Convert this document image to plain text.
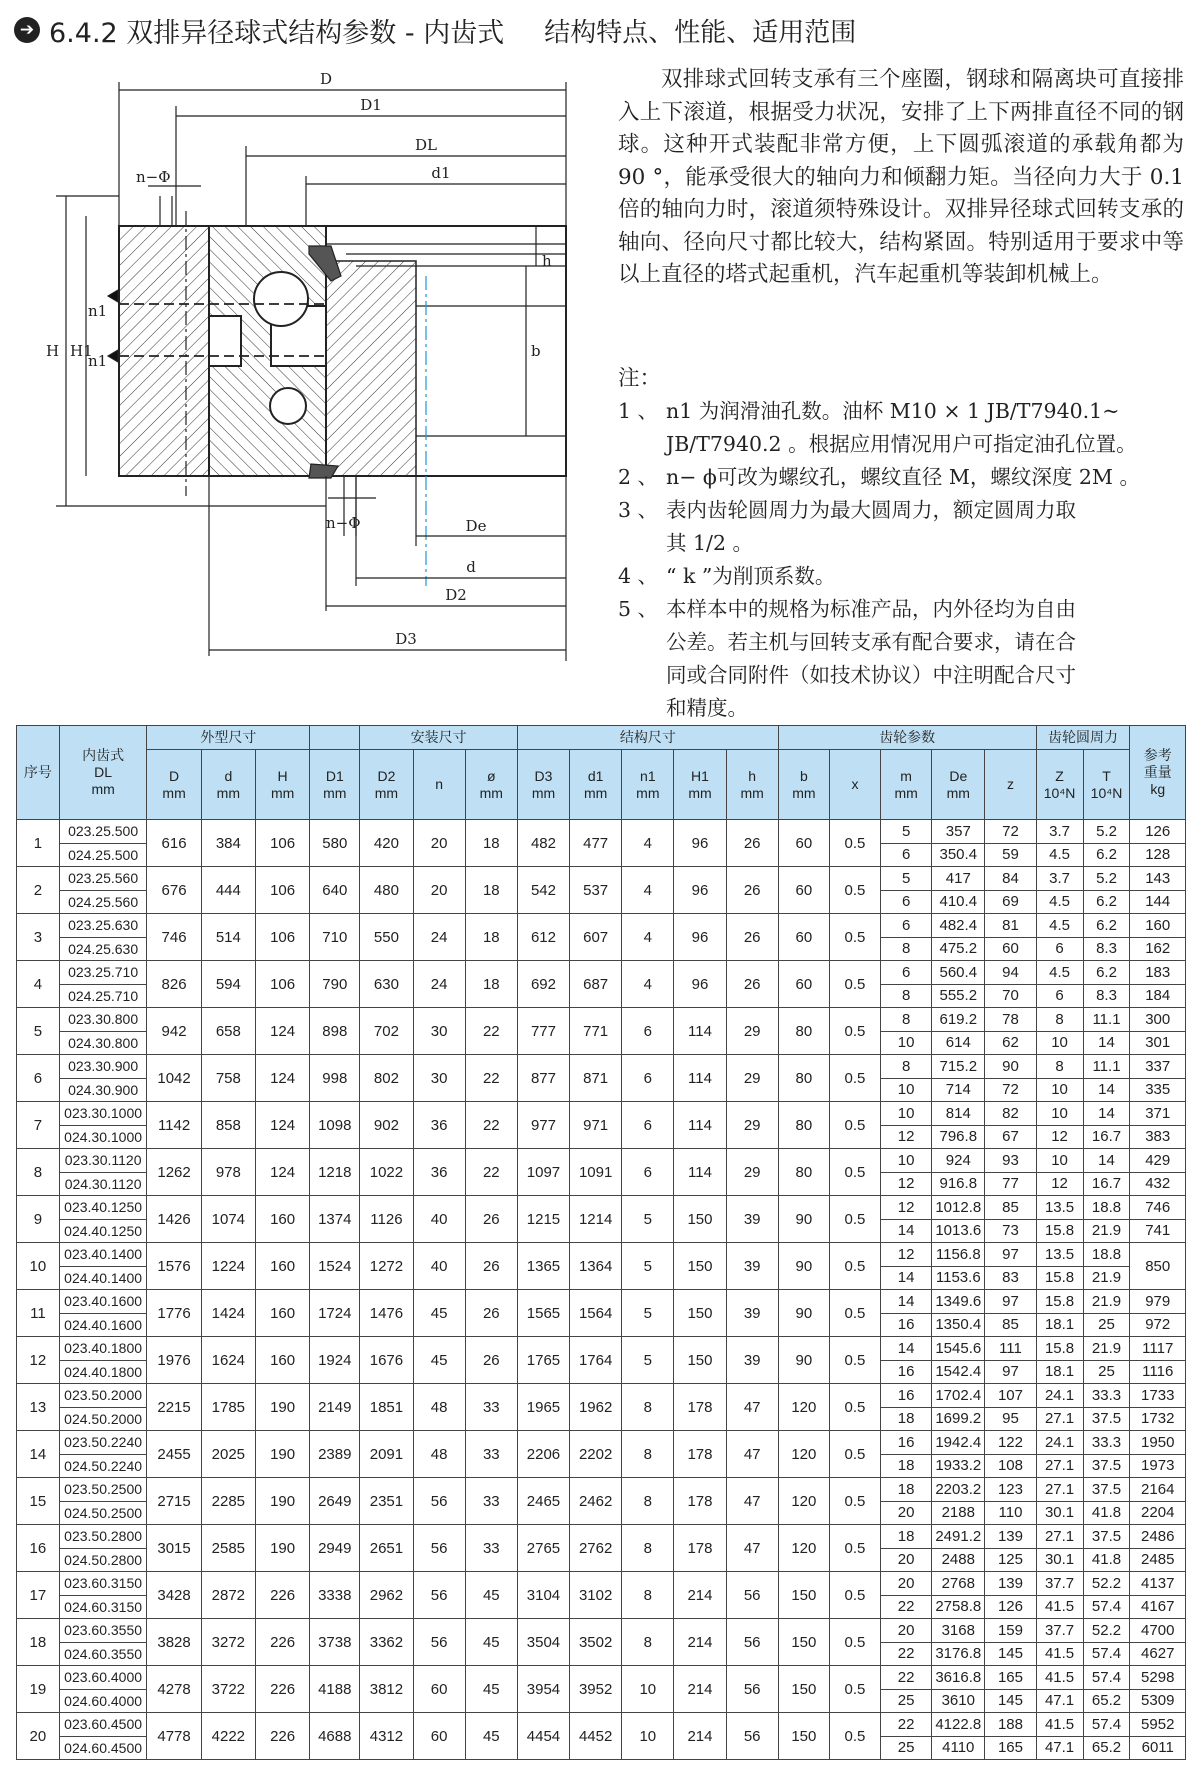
➔ 6.4.2 双排异径球式结构参数 - 内齿式 结构特点、性能、适用范围
D
D1
DL
d1
n−Φ
H H1
n1
n1
h
b
n−Φ	De
d
D2
D3

双排球式回转支承有三个座圈，钢球和隔离块可直接排入上下滚道，根据受力状况，安排了上下两排直径不同的钢球。这种开式装配非常方便，上下圆弧滚道的承载角都为 90 °，能承受很大的轴向力和倾翻力矩。当径向力大于 0.1 倍的轴向力时，滚道须特殊设计。双排异径球式回转支承的轴向、径向尺寸都比较大，结构紧固。特别适用于要求中等以上直径的塔式起重机，汽车起重机等装卸机械上。

注：
1 、 n1 为润滑油孔数。油杯 M10 × 1 JB/T7940.1~
JB/T7940.2 。根据应用情况用户可指定油孔位置。
2 、 n− ϕ可改为螺纹孔，螺纹直径 M，螺纹深度 2M 。
3 、 表内齿轮圆周力为最大圆周力，额定圆周力取
其 1/2 。
4 、 “ k ”为削顶系数。
5 、 本样本中的规格为标准产品，内外径均为自由
公差。若主机与回转支承有配合要求，请在合
同或合同附件（如技术协议）中注明配合尺寸
和精度。
序号	内齿式
DL
mm	外型尺寸				安装尺寸			结构尺寸					齿轮参数					齿轮圆周力		参考
重量
kg
		D
mm	d
mm	H
mm	D1
mm	D2
mm	n	ø
mm	D3
mm	d1
mm	n1
mm	H1
mm	h
mm	b
mm	x	m
mm	De
mm	z	Z
10⁴N	T
10⁴N	

1	023.25.500	616	384	106	580	420	20	18	482	477	4	96	26	60	0.5	5	357	72	3.7	5.2	126
	024.25.500															6	350.4	59	4.5	6.2	128
2	023.25.560	676	444	106	640	480	20	18	542	537	4	96	26	60	0.5	5	417	84	3.7	5.2	143
	024.25.560															6	410.4	69	4.5	6.2	144
3	023.25.630	746	514	106	710	550	24	18	612	607	4	96	26	60	0.5	6	482.4	81	4.5	6.2	160
	024.25.630															8	475.2	60	6	8.3	162
4	023.25.710	826	594	106	790	630	24	18	692	687	4	96	26	60	0.5	6	560.4	94	4.5	6.2	183
	024.25.710															8	555.2	70	6	8.3	184
5	023.30.800	942	658	124	898	702	30	22	777	771	6	114	29	80	0.5	8	619.2	78	8	11.1	300
	024.30.800															10	614	62	10	14	301
6	023.30.900	1042	758	124	998	802	30	22	877	871	6	114	29	80	0.5	8	715.2	90	8	11.1	337
	024.30.900															10	714	72	10	14	335
7	023.30.1000	1142	858	124	1098	902	36	22	977	971	6	114	29	80	0.5	10	814	82	10	14	371
	024.30.1000															12	796.8	67	12	16.7	383
8	023.30.1120	1262	978	124	1218	1022	36	22	1097	1091	6	114	29	80	0.5	10	924	93	10	14	429
	024.30.1120															12	916.8	77	12	16.7	432
9	023.40.1250	1426	1074	160	1374	1126	40	26	1215	1214	5	150	39	90	0.5	12	1012.8	85	13.5	18.8	746
	024.40.1250															14	1013.6	73	15.8	21.9	741
10	023.40.1400	1576	1224	160	1524	1272	40	26	1365	1364	5	150	39	90	0.5	12	1156.8	97	13.5	18.8	850
	024.40.1400															14	1153.6	83	15.8	21.9	
11	023.40.1600	1776	1424	160	1724	1476	45	26	1565	1564	5	150	39	90	0.5	14	1349.6	97	15.8	21.9	979
	024.40.1600															16	1350.4	85	18.1	25	972
12	023.40.1800	1976	1624	160	1924	1676	45	26	1765	1764	5	150	39	90	0.5	14	1545.6	111	15.8	21.9	1117
	024.40.1800															16	1542.4	97	18.1	25	1116
13	023.50.2000	2215	1785	190	2149	1851	48	33	1965	1962	8	178	47	120	0.5	16	1702.4	107	24.1	33.3	1733
	024.50.2000															18	1699.2	95	27.1	37.5	1732
14	023.50.2240	2455	2025	190	2389	2091	48	33	2206	2202	8	178	47	120	0.5	16	1942.4	122	24.1	33.3	1950
	024.50.2240															18	1933.2	108	27.1	37.5	1973
15	023.50.2500	2715	2285	190	2649	2351	56	33	2465	2462	8	178	47	120	0.5	18	2203.2	123	27.1	37.5	2164
	024.50.2500															20	2188	110	30.1	41.8	2204
16	023.50.2800	3015	2585	190	2949	2651	56	33	2765	2762	8	178	47	120	0.5	18	2491.2	139	27.1	37.5	2486
	024.50.2800															20	2488	125	30.1	41.8	2485
17	023.60.3150	3428	2872	226	3338	2962	56	45	3104	3102	8	214	56	150	0.5	20	2768	139	37.7	52.2	4137
	024.60.3150															22	2758.8	126	41.5	57.4	4167
18	023.60.3550	3828	3272	226	3738	3362	56	45	3504	3502	8	214	56	150	0.5	20	3168	159	37.7	52.2	4700
	024.60.3550															22	3176.8	145	41.5	57.4	4627
19	023.60.4000	4278	3722	226	4188	3812	60	45	3954	3952	10	214	56	150	0.5	22	3616.8	165	41.5	57.4	5298
	024.60.4000															25	3610	145	47.1	65.2	5309
20	023.60.4500	4778	4222	226	4688	4312	60	45	4454	4452	10	214	56	150	0.5	22	4122.8	188	41.5	57.4	5952
	024.60.4500															25	4110	165	47.1	65.2	6011
